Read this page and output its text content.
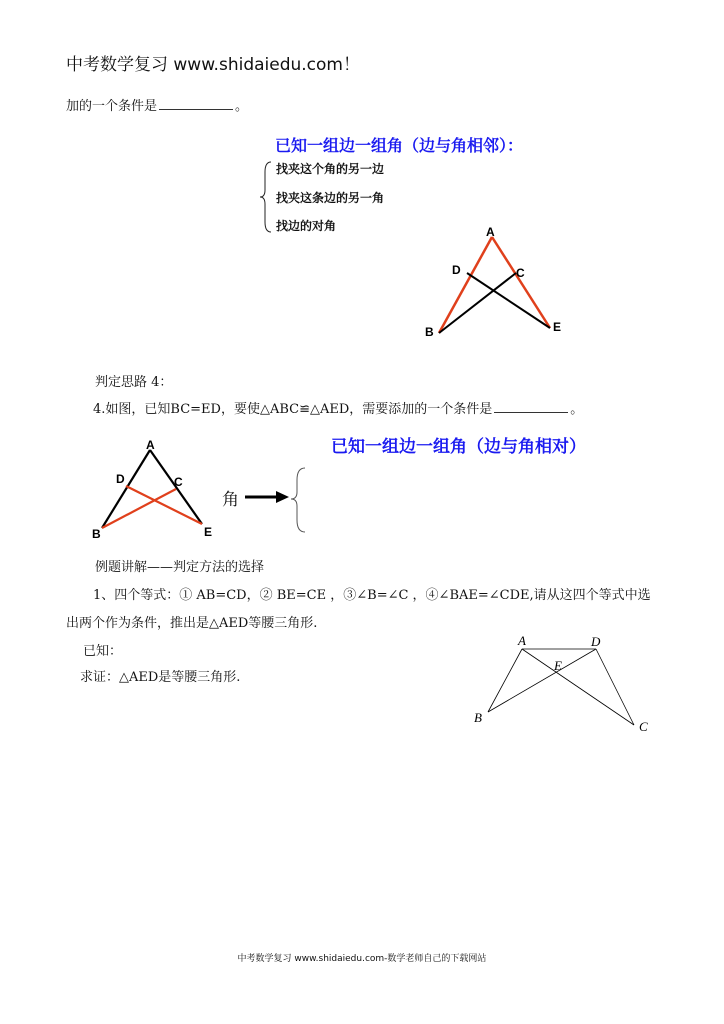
中考数学复习 www.shidaiedu.com！
加的一个条件是	。
已知一组边一组角（边与角相邻）：
找夹这个角的另一边
找夹这条边的另一角
找边的对角	A
D	C
B	E
判定思路 4：
4.如图，已知BC=ED，要使△ABC≌△AED，需要添加的一个条件是	。
A
D	C
B	E
已知一组边一组角（边与角相对）
角
例题讲解——判定方法的选择
1、四个等式：① AB=CD，② BE=CE ，③∠B=∠C ，④∠BAE=∠CDE,请从这四个等式中选
出两个作为条件，推出是△AED等腰三角形.
已知：
求证：△AED是等腰三角形.
A	D
E
B
C
中考数学复习 www.shidaiedu.com-数学老师自己的下载网站
